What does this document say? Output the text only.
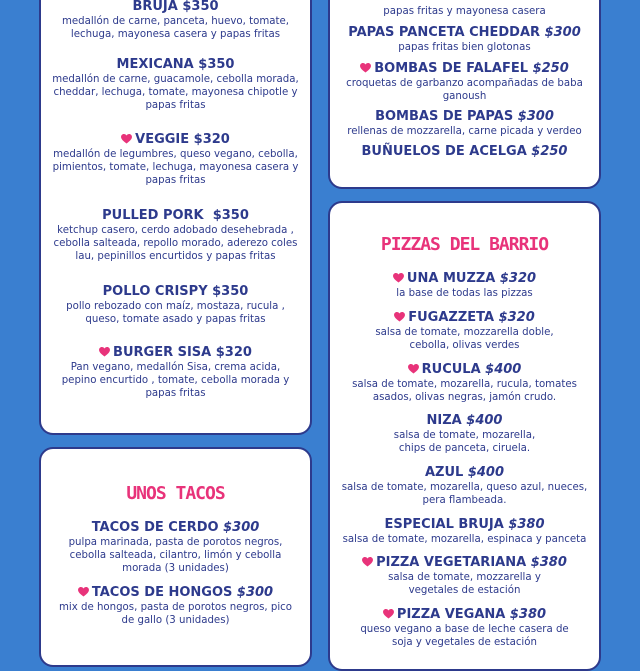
BRUJA $350
medallón de carne, panceta, huevo, tomate, lechuga, mayonesa casera y papas fritas
MEXICANA $350
medallón de carne, guacamole, cebolla morada, cheddar, lechuga, tomate, mayonesa chipotle y papas fritas
VEGGIE $320
medallón de legumbres, queso vegano, cebolla, pimientos, tomate, lechuga, mayonesa casera y papas fritas
PULLED PORK $350
ketchup casero, cerdo adobado desehebrada , cebolla salteada, repollo morado, aderezo coles lau, pepinillos encurtidos y papas fritas
POLLO CRISPY $350
pollo rebozado con maíz, mostaza, rucula , queso, tomate asado y papas fritas
BURGER SISA $320
Pan vegano, medallón Sisa, crema acida, pepino encurtido , tomate, cebolla morada y papas fritas
UNOS TACOS
TACOS DE CERDO $300
pulpa marinada, pasta de porotos negros, cebolla salteada, cilantro, limón y cebolla morada (3 unidades)
TACOS DE HONGOS $300
mix de hongos, pasta de porotos negros, pico de gallo (3 unidades)
papas fritas y mayonesa casera
PAPAS PANCETA CHEDDAR $300
papas fritas bien glotonas
BOMBAS DE FALAFEL $250
croquetas de garbanzo acompañadas de baba ganoush
BOMBAS DE PAPAS $300
rellenas de mozzarella, carne picada y verdeo
BUÑUELOS DE ACELGA $250
PIZZAS DEL BARRIO
UNA MUZZA $320
la base de todas las pizzas
FUGAZZETA $320
salsa de tomate, mozzarella doble, cebolla, olivas verdes
RUCULA $400
salsa de tomate, mozarella, rucula, tomates asados, olivas negras, jamón crudo.
NIZA $400
salsa de tomate, mozarella, chips de panceta, ciruela.
AZUL $400
salsa de tomate, mozarella, queso azul, nueces, pera flambeada.
ESPECIAL BRUJA $380
salsa de tomate, mozarella, espinaca y panceta
PIZZA VEGETARIANA $380
salsa de tomate, mozzarella y vegetales de estación
PIZZA VEGANA $380
queso vegano a base de leche casera de soja y vegetales de estación
